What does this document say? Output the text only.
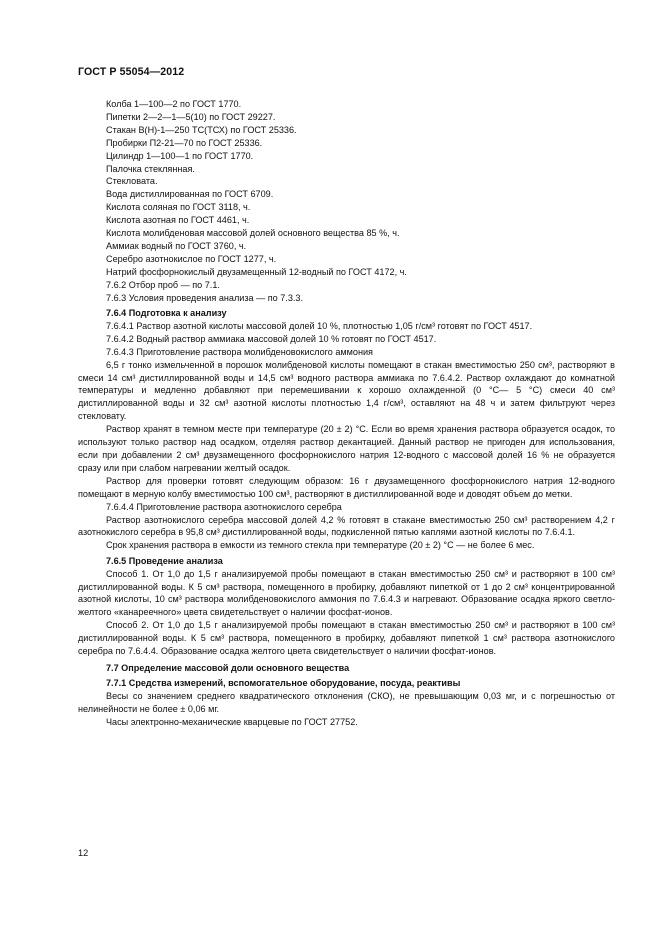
ГОСТ Р 55054—2012

Колба 1—100—2 по ГОСТ 1770.

Пипетки 2—2—1—5(10) по ГОСТ 29227.

Стакан В(Н)-1—250 ТС(ТСХ) по ГОСТ 25336.

Пробирки П2-21—70 по ГОСТ 25336.

Цилиндр 1—100—1 по ГОСТ 1770.

Палочка стеклянная.

Стекловата.

Вода дистиллированная по ГОСТ 6709.

Кислота соляная по ГОСТ 3118, ч.

Кислота азотная по ГОСТ 4461, ч.

Кислота молибденовая массовой долей основного вещества 85 %, ч.

Аммиак водный по ГОСТ 3760, ч.

Серебро азотнокислое по ГОСТ 1277, ч.

Натрий фосфорнокислый двузамещенный 12-водный по ГОСТ 4172, ч.

7.6.2 Отбор проб — по 7.1.

7.6.3 Условия проведения анализа — по 7.3.3.

7.6.4 Подготовка к анализу

7.6.4.1 Раствор азотной кислоты массовой долей 10 %, плотностью 1,05 г/см³ готовят по ГОСТ 4517.

7.6.4.2 Водный раствор аммиака массовой долей 10 % готовят по ГОСТ 4517.

7.6.4.3 Приготовление раствора молибденовокислого аммония

6,5 г тонко измельченной в порошок молибденовой кислоты помещают в стакан вместимостью 250 см³, растворяют в смеси 14 см³ дистиллированной воды и 14,5 см³ водного раствора аммиака по 7.6.4.2. Раствор охлаждают до комнатной температуры и медленно добавляют при перемешивании к хорошо охлажденной (0 °С— 5 °С) смеси 40 см³ дистиллированной воды и 32 см³ азотной кислоты плотностью 1,4 г/см³, оставляют на 48 ч и затем фильтруют через стекловату.

Раствор хранят в темном месте при температуре (20 ± 2) °С. Если во время хранения раствора образуется осадок, то используют только раствор над осадком, отделяя раствор декантацией. Данный раствор не пригоден для использования, если при добавлении 2 см³ двузамещенного фосфорнокислого натрия 12-водного с массовой долей 16 % не образуется сразу или при слабом нагревании желтый осадок.

Раствор для проверки готовят следующим образом: 16 г двузамещенного фосфорнокислого натрия 12-водного помещают в мерную колбу вместимостью 100 см³, растворяют в дистиллированной воде и доводят объем до метки.

7.6.4.4 Приготовление раствора азотнокислого серебра

Раствор азотнокислого серебра массовой долей 4,2 % готовят в стакане вместимостью 250 см³ растворением 4,2 г азотнокислого серебра в 95,8 см³ дистиллированной воды, подкисленной пятью каплями азотной кислоты по 7.6.4.1.

Срок хранения раствора в емкости из темного стекла при температуре (20 ± 2) °С — не более 6 мес.

7.6.5 Проведение анализа

Способ 1. От 1,0 до 1,5 г анализируемой пробы помещают в стакан вместимостью 250 см³ и растворяют в 100 см³ дистиллированной воды. К 5 см³ раствора, помещенного в пробирку, добавляют пипеткой от 1 до 2 см³ концентрированной азотной кислоты, 10 см³ раствора молибденовокислого аммония по 7.6.4.3 и нагревают. Образование осадка яркого светло-желтого «канареечного» цвета свидетельствует о наличии фосфат-ионов.

Способ 2. От 1,0 до 1,5 г анализируемой пробы помещают в стакан вместимостью 250 см³ и растворяют в 100 см³ дистиллированной воды. К 5 см³ раствора, помещенного в пробирку, добавляют пипеткой 1 см³ раствора азотнокислого серебра по 7.6.4.4. Образование осадка желтого цвета свидетельствует о наличии фосфат-ионов.

7.7 Определение массовой доли основного вещества

7.7.1 Средства измерений, вспомогательное оборудование, посуда, реактивы

Весы со значением среднего квадратического отклонения (СКО), не превышающим 0,03 мг, и с погрешностью от нелинейности не более ± 0,06 мг.

Часы электронно-механические кварцевые по ГОСТ 27752.

12
